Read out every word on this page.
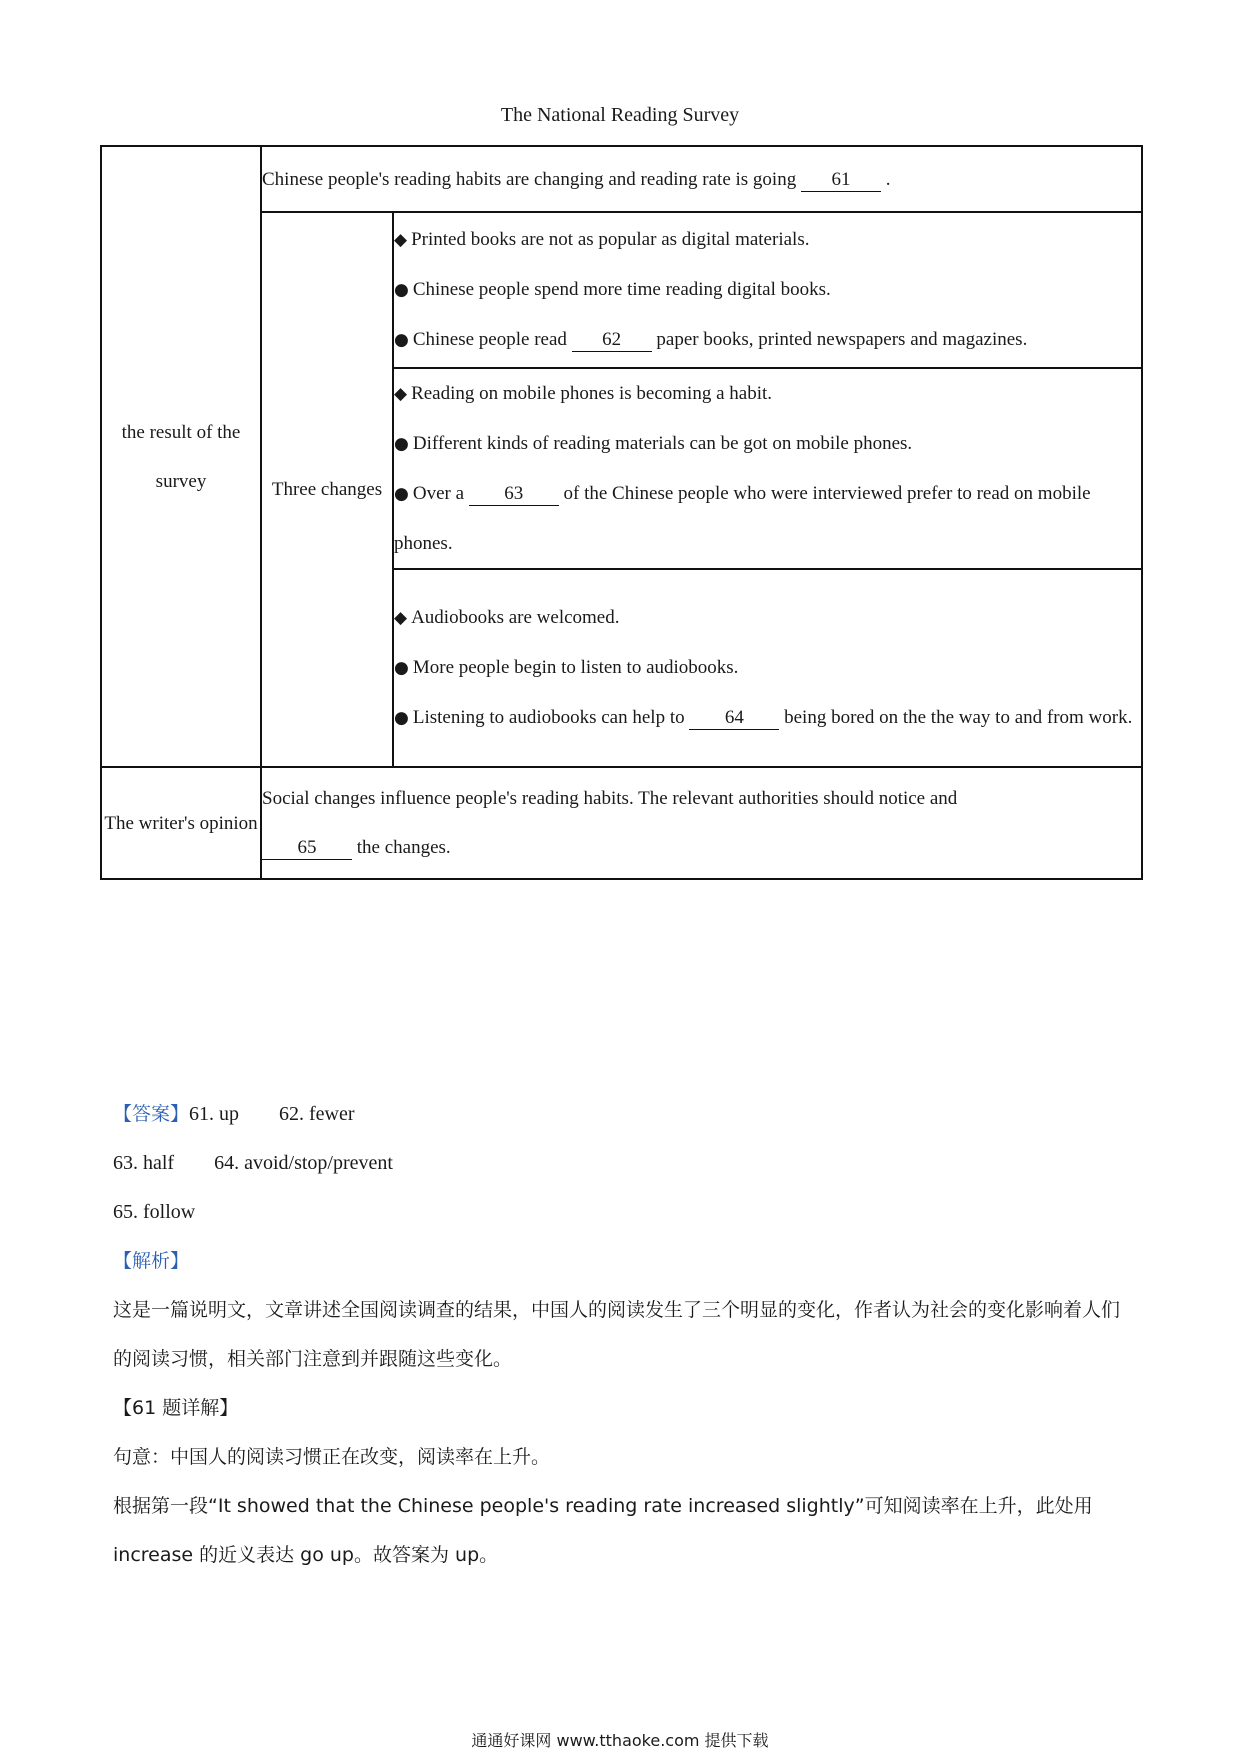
The National Reading Survey
the result of the survey	Chinese people's reading habits are changing and reading rate is going 61 .	
	Three changes	◆ Printed books are not as popular as digital materials.
● Chinese people spend more time reading digital books.
● Chinese people read 62 paper books, printed newspapers and magazines.

		◆ Reading on mobile phones is becoming a habit.
● Different kinds of reading materials can be got on mobile phones.
● Over a 63 of the Chinese people who were interviewed prefer to read on mobile phones.

		◆ Audiobooks are welcomed.
● More people begin to listen to audiobooks.
● Listening to audiobooks can help to 64 being bored on the the way to and from work.

The writer's opinion	Social changes influence people's reading habits. The relevant authorities should notice and
65 the changes.	
【答案】61. up 62. fewer
63. half 64. avoid/stop/prevent
65. follow
【解析】
这是一篇说明文，文章讲述全国阅读调查的结果，中国人的阅读发生了三个明显的变化，作者认为社会的变化影响着人们的阅读习惯，相关部门注意到并跟随这些变化。
【61 题详解】
句意：中国人的阅读习惯正在改变，阅读率在上升。
根据第一段“It showed that the Chinese people's reading rate increased slightly”可知阅读率在上升，此处用 increase 的近义表达 go up。故答案为 up。
通通好课网 www.tthaoke.com 提供下载
